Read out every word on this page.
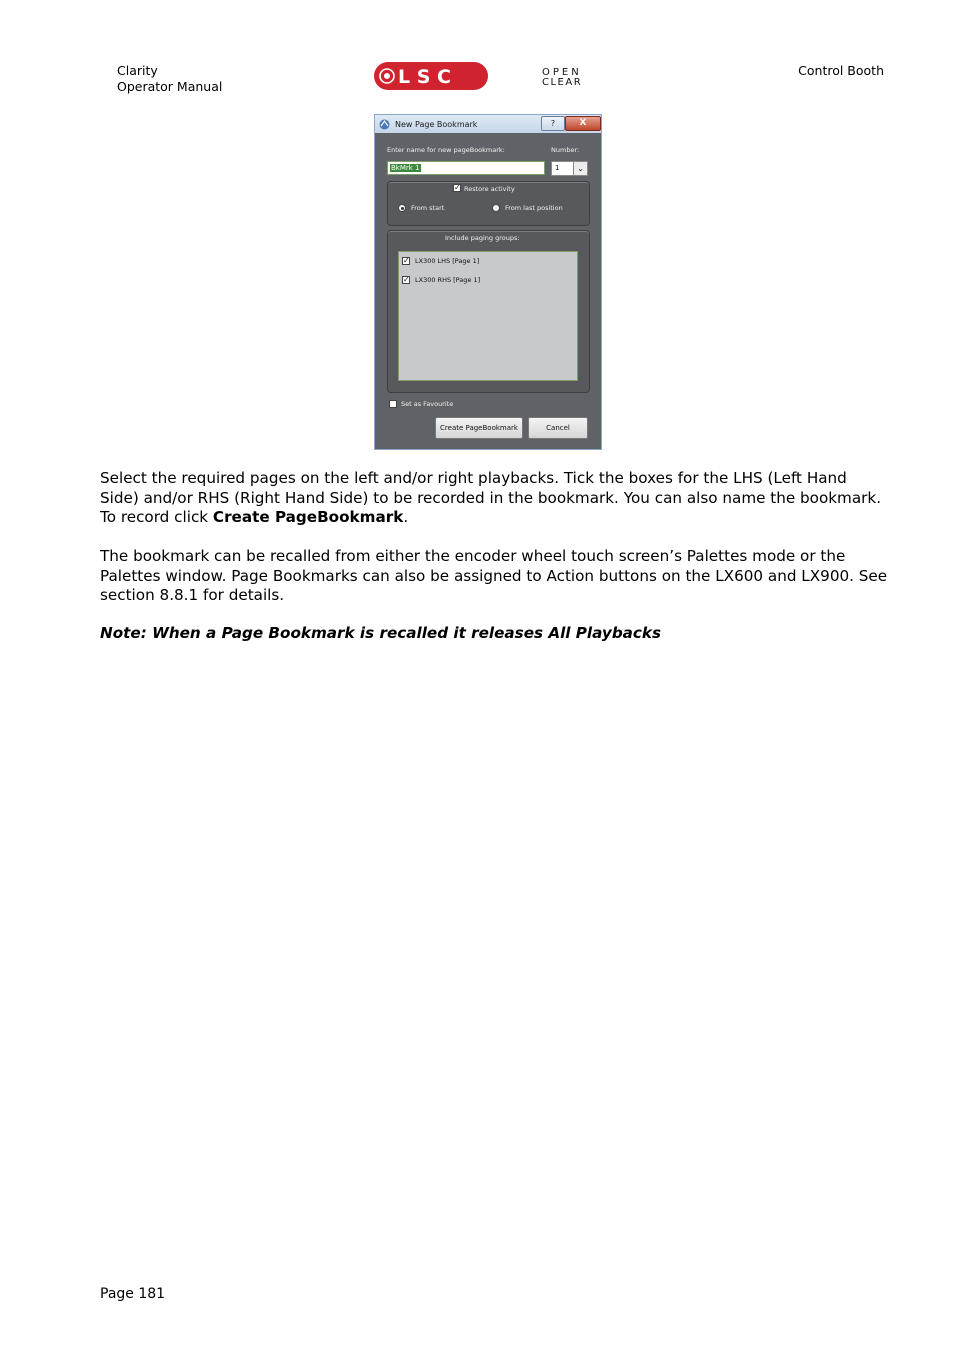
Clarity
Operator Manual	L S C	OPEN
CLEAR
Control Booth
New Page Bookmark	?	X
Enter name for new pageBookmark:	Number:
BkMrk 1	1	⌄
✓ Restore activity
From start	From last position
Include paging groups:
✓ LX300 LHS [Page 1]
✓ LX300 RHS [Page 1]
Set as Favourite
Create PageBookmark	Cancel
Select the required pages on the left and/or right playbacks. Tick the boxes for the LHS (Left Hand Side) and/or RHS (Right Hand Side) to be recorded in the bookmark. You can also name the bookmark. To record click Create PageBookmark.
The bookmark can be recalled from either the encoder wheel touch screen’s Palettes mode or the Palettes window. Page Bookmarks can also be assigned to Action buttons on the LX600 and LX900. See section 8.8.1 for details.
Note: When a Page Bookmark is recalled it releases All Playbacks
Page 181
